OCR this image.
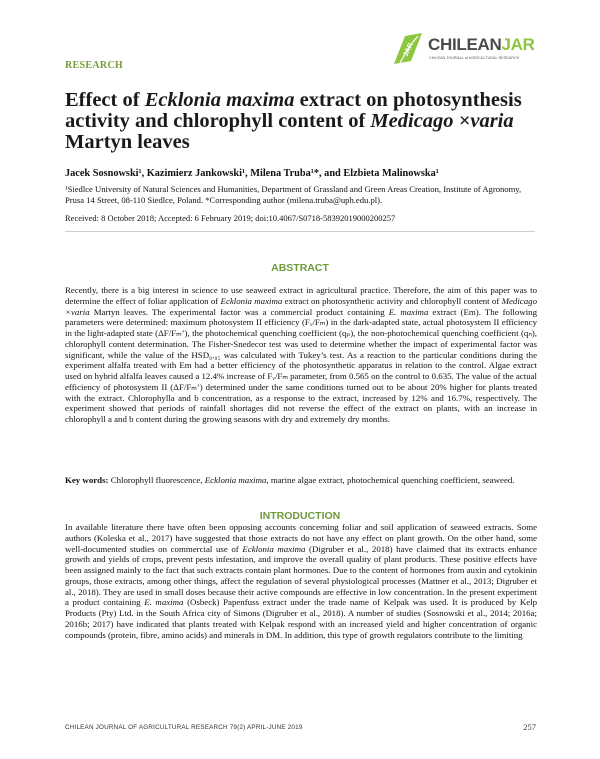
JAR CHILEANJAR
CHILEAN JOURNAL of AGRICULTURAL RESEARCH
RESEARCH
Effect of Ecklonia maxima extract on photosynthesis activity and chlorophyll content of Medicago ×varia Martyn leaves
Jacek Sosnowski¹, Kazimierz Jankowski¹, Milena Truba¹*, and Elzbieta Malinowska¹
¹Siedlce University of Natural Sciences and Humanities, Department of Grassland and Green Areas Creation, Institute of Agronomy,
Prusa 14 Street, 08-110 Siedlce, Poland. *Corresponding author (milena.truba@uph.edu.pl).
Received: 8 October 2018; Accepted: 6 February 2019; doi:10.4067/S0718-58392019000200257
ABSTRACT

Recently, there is a big interest in science to use seaweed extract in agricultural practice. Therefore, the aim of this paper was to determine the effect of foliar application of Ecklonia maxima extract on photosynthetic activity and chlorophyll content of Medicago ×varia Martyn leaves. The experimental factor was a commercial product containing E. maxima extract (Em). The following parameters were determined: maximum photosystem II efficiency (Fᵥ/Fₘ) in the dark-adapted state, actual photosystem II efficiency in the light-adapted state (ΔF/Fₘ’), the photochemical quenching coefficient (qₚ), the non-photochemical quenching coefficient (qₙ), chlorophyll content determination. The Fisher-Snedecor test was used to determine whether the impact of experimental factor was significant, while the value of the HSD₀.₀₅ was calculated with Tukey’s test. As a reaction to the particular conditions during the experiment alfalfa treated with Em had a better efficiency of the photosynthetic apparatus in relation to the control. Algae extract used on hybrid alfalfa leaves caused a 12.4% increase of Fᵥ/Fₘ parameter, from 0.565 on the control to 0.635. The value of the actual efficiency of photosystem II (ΔF/Fₘ’) determined under the same conditions turned out to be about 20% higher for plants treated with the extract. Chlorophylla and b concentration, as a response to the extract, increased by 12% and 16.7%, respectively. The experiment showed that periods of rainfall shortages did not reverse the effect of the extract on plants, with an increase in chlorophyll a and b content during the growing seasons with dry and extremely dry months.

Key words: Chlorophyll fluorescence, Ecklonia maxima, marine algae extract, photochemical quenching coefficient, seaweed.

INTRODUCTION

In available literature there have often been opposing accounts concerning foliar and soil application of seaweed extracts. Some authors (Koleska et al., 2017) have suggested that those extracts do not have any effect on plant growth. On the other hand, some well-documented studies on commercial use of Ecklonia maxima (Digruber et al., 2018) have claimed that its extracts enhance growth and yields of crops, prevent pests infestation, and improve the overall quality of plant products. These positive effects have been assigned mainly to the fact that such extracts contain plant hormones. Due to the content of hormones from auxin and cytokinin groups, those extracts, among other things, affect the regulation of several physiological processes (Mattner et al., 2013; Digruber et al., 2018). They are used in small doses because their active compounds are effective in low concentration. In the present experiment a product containing E. maxima (Osbeck) Papenfuss extract under the trade name of Kelpak was used. It is produced by Kelp Products (Pty) Ltd. in the South Africa city of Simons (Digruber et al., 2018). A number of studies (Sosnowski et al., 2014; 2016a; 2016b; 2017) have indicated that plants treated with Kelpak respond with an increased yield and higher concentration of organic compounds (protein, fibre, amino acids) and minerals in DM. In addition, this type of growth regulators contribute to the limiting

CHILEAN JOURNAL OF AGRICULTURAL RESEARCH 79(2) APRIL-JUNE 2019	257
